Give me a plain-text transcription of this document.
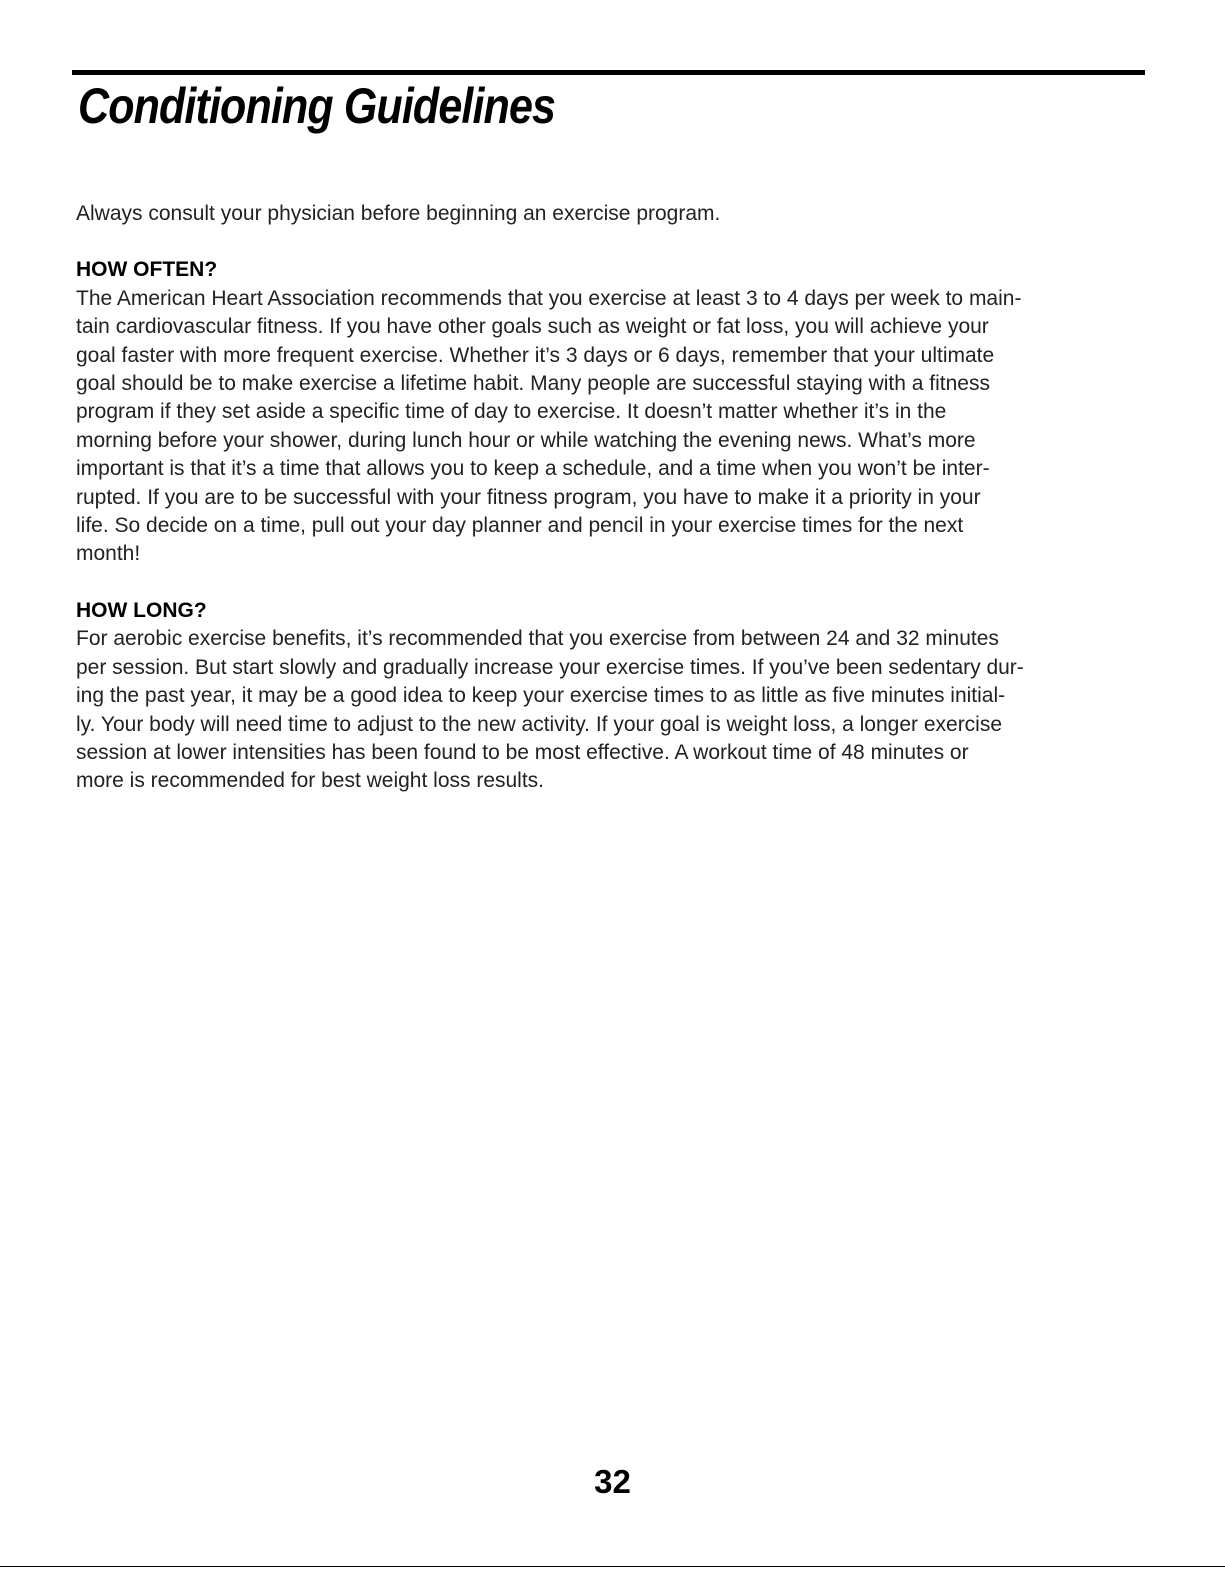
Conditioning Guidelines

Always consult your physician before beginning an exercise program.

HOW OFTEN?

The American Heart Association recommends that you exercise at least 3 to 4 days per week to main-
tain cardiovascular fitness. If you have other goals such as weight or fat loss, you will achieve your
goal faster with more frequent exercise. Whether it’s 3 days or 6 days, remember that your ultimate
goal should be to make exercise a lifetime habit. Many people are successful staying with a fitness
program if they set aside a specific time of day to exercise. It doesn’t matter whether it’s in the
morning before your shower, during lunch hour or while watching the evening news. What’s more
important is that it’s a time that allows you to keep a schedule, and a time when you won’t be inter-
rupted. If you are to be successful with your fitness program, you have to make it a priority in your
life. So decide on a time, pull out your day planner and pencil in your exercise times for the next
month!

HOW LONG?

For aerobic exercise benefits, it’s recommended that you exercise from between 24 and 32 minutes
per session. But start slowly and gradually increase your exercise times. If you’ve been sedentary dur-
ing the past year, it may be a good idea to keep your exercise times to as little as five minutes initial-
ly. Your body will need time to adjust to the new activity. If your goal is weight loss, a longer exercise
session at lower intensities has been found to be most effective. A workout time of 48 minutes or
more is recommended for best weight loss results.

32
